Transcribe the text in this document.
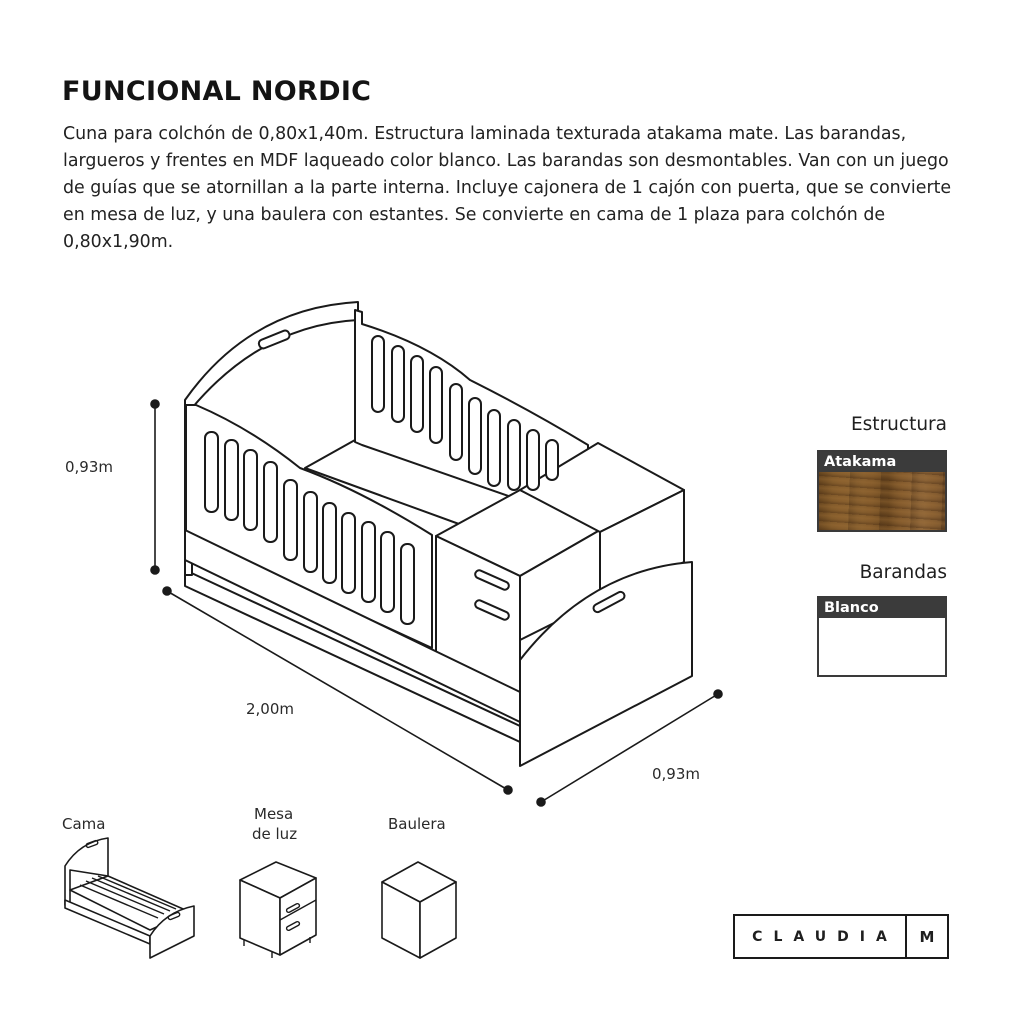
FUNCIONAL NORDIC

Cuna para colchón de 0,80x1,40m. Estructura laminada texturada atakama mate. Las barandas, largueros y frentes en MDF laqueado color blanco. Las barandas son desmontables. Van con un juego de guías que se atornillan a la parte interna. Incluye cajonera de 1 cajón con puerta, que se convierte en mesa de luz, y una baulera con estantes. Se convierte en cama de 1 plaza para colchón de 0,80x1,90m.

0,93m
2,00m
0,93m
Estructura
Atakama
Barandas
Blanco
Cama
Mesa
de luz
Baulera
CLAUDIA	M
